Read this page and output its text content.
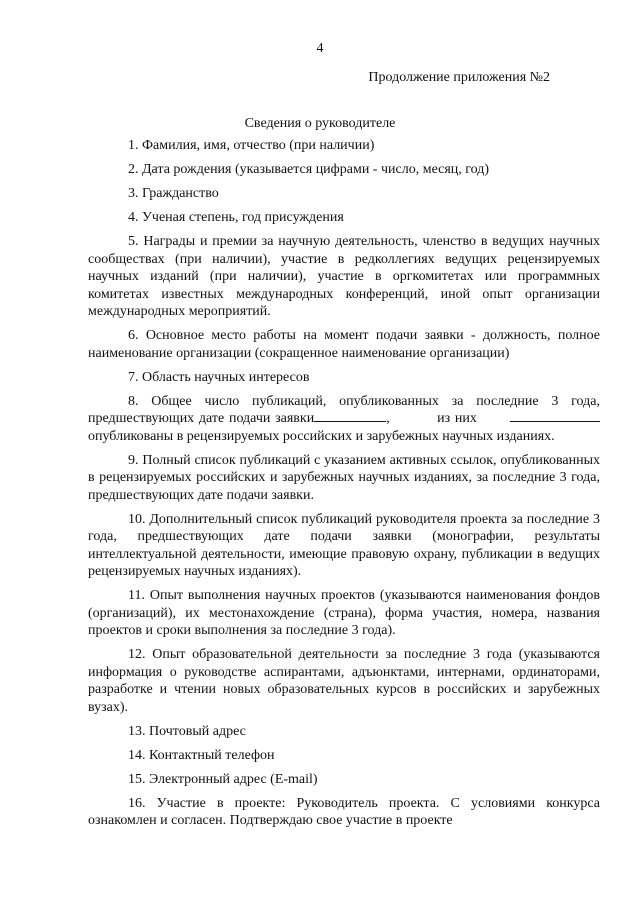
4
Продолжение приложения №2
Сведения о руководителе

1. Фамилия, имя, отчество (при наличии)

2. Дата рождения (указывается цифрами - число, месяц, год)

3. Гражданство

4. Ученая степень, год присуждения

5. Награды и премии за научную деятельность, членство в ведущих научных сообществах (при наличии), участие в редколлегиях ведущих рецензируемых научных изданий (при наличии), участие в оргкомитетах или программных комитетах известных международных конференций, иной опыт организации международных мероприятий.

6. Основное место работы на момент подачи заявки - должность, полное наименование организации (сокращенное наименование организации)

7. Область научных интересов

8. Общее число публикаций, опубликованных за последние 3 года, предшествующих дате подачи заявки	,          из них        опубликованы в рецензируемых российских и зарубежных научных изданиях.

9. Полный список публикаций с указанием активных ссылок, опубликованных в рецензируемых российских и зарубежных научных изданиях, за последние 3 года, предшествующих дате подачи заявки.

10. Дополнительный список публикаций руководителя проекта за последние 3 года, предшествующих дате подачи заявки (монографии, результаты интеллектуальной деятельности, имеющие правовую охрану, публикации в ведущих рецензируемых научных изданиях).

11. Опыт выполнения научных проектов (указываются наименования фондов (организаций), их местонахождение (страна), форма участия, номера, названия проектов и сроки выполнения за последние 3 года).

12. Опыт образовательной деятельности за последние 3 года (указываются информация о руководстве аспирантами, адъюнктами, интернами, ординаторами, разработке и чтении новых образовательных курсов в российских и зарубежных вузах).

13. Почтовый адрес

14. Контактный телефон

15. Электронный адрес (E-mail)

16. Участие в проекте: Руководитель проекта. С условиями конкурса ознакомлен и согласен. Подтверждаю свое участие в проекте
